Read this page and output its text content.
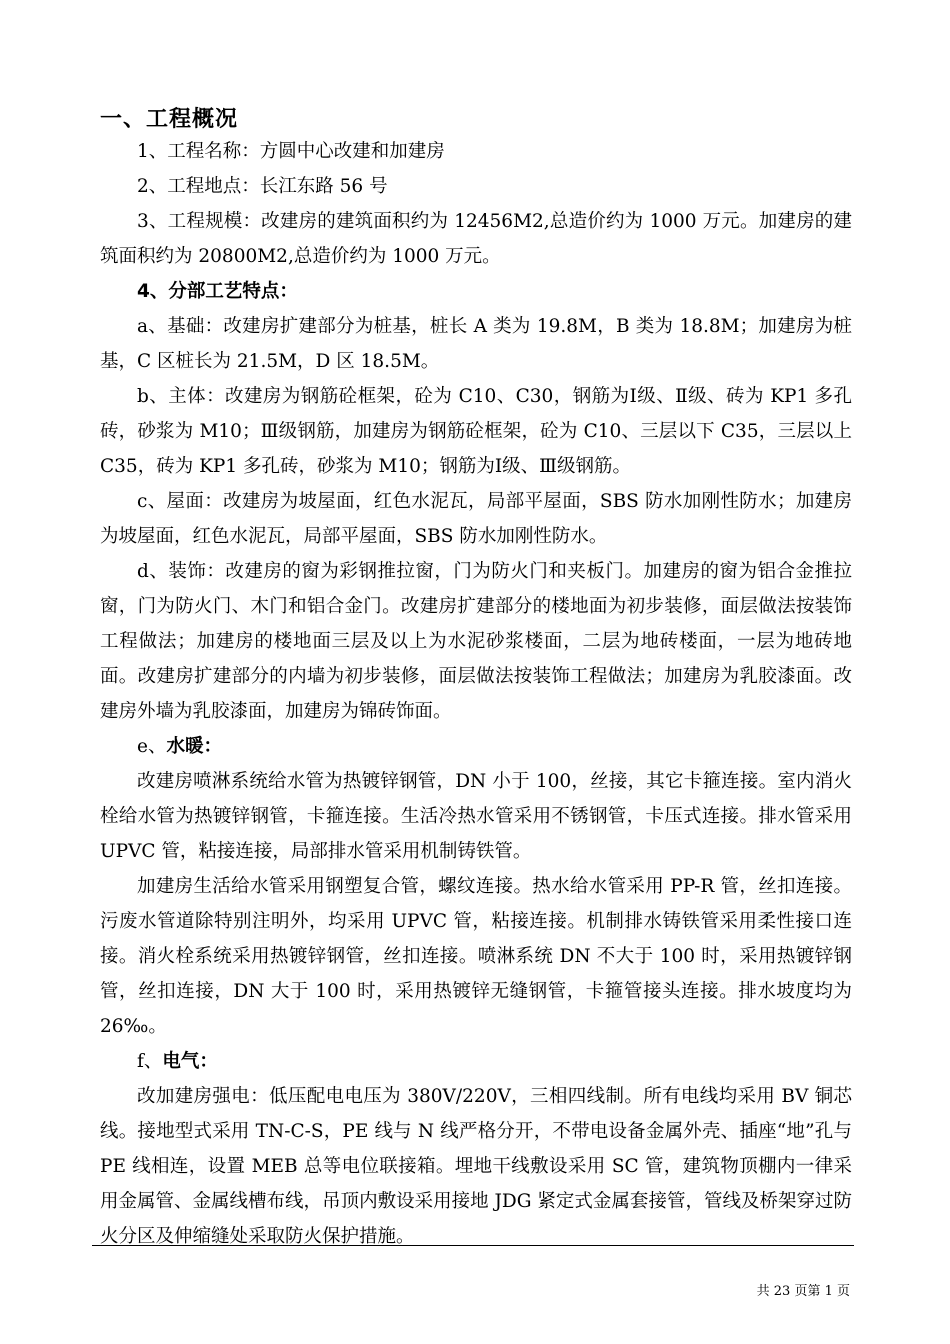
一、工程概况

1、工程名称：方圆中心改建和加建房

2、工程地点：长江东路 56 号

3、工程规模：改建房的建筑面积约为 12456M2,总造价约为 1000 万元。加建房的建筑面积约为 20800M2,总造价约为 1000 万元。

4、分部工艺特点：

a、基础：改建房扩建部分为桩基，桩长 A 类为 19.8M，B 类为 18.8M；加建房为桩基，C 区桩长为 21.5M，D 区 18.5M。

b、主体：改建房为钢筋砼框架，砼为 C10、C30，钢筋为Ⅰ级、Ⅱ级、砖为 KP1 多孔砖，砂浆为 M10；Ⅲ级钢筋，加建房为钢筋砼框架，砼为 C10、三层以下 C35，三层以上 C35，砖为 KP1 多孔砖，砂浆为 M10；钢筋为Ⅰ级、Ⅲ级钢筋。

c、屋面：改建房为坡屋面，红色水泥瓦，局部平屋面，SBS 防水加刚性防水；加建房为坡屋面，红色水泥瓦，局部平屋面，SBS 防水加刚性防水。

d、装饰：改建房的窗为彩钢推拉窗，门为防火门和夹板门。加建房的窗为铝合金推拉窗，门为防火门、木门和铝合金门。改建房扩建部分的楼地面为初步装修，面层做法按装饰工程做法；加建房的楼地面三层及以上为水泥砂浆楼面，二层为地砖楼面，一层为地砖地面。改建房扩建部分的内墙为初步装修，面层做法按装饰工程做法；加建房为乳胶漆面。改建房外墙为乳胶漆面，加建房为锦砖饰面。

e、水暖：

改建房喷淋系统给水管为热镀锌钢管，DN 小于 100，丝接，其它卡箍连接。室内消火栓给水管为热镀锌钢管，卡箍连接。生活冷热水管采用不锈钢管，卡压式连接。排水管采用 UPVC 管，粘接连接，局部排水管采用机制铸铁管。

加建房生活给水管采用钢塑复合管，螺纹连接。热水给水管采用 PP-R 管，丝扣连接。污废水管道除特别注明外，均采用 UPVC 管，粘接连接。机制排水铸铁管采用柔性接口连接。消火栓系统采用热镀锌钢管，丝扣连接。喷淋系统 DN 不大于 100 时，采用热镀锌钢管，丝扣连接，DN 大于 100 时，采用热镀锌无缝钢管，卡箍管接头连接。排水坡度均为 26‰。

f、电气：

改加建房强电：低压配电电压为 380V/220V，三相四线制。所有电线均采用 BV 铜芯线。接地型式采用 TN-C-S，PE 线与 N 线严格分开，不带电设备金属外壳、插座“地”孔与 PE 线相连，设置 MEB 总等电位联接箱。埋地干线敷设采用 SC 管，建筑物顶棚内一律采用金属管、金属线槽布线，吊顶内敷设采用接地 JDG 紧定式金属套接管，管线及桥架穿过防火分区及伸缩缝处采取防火保护措施。

共 23 页第 1 页
